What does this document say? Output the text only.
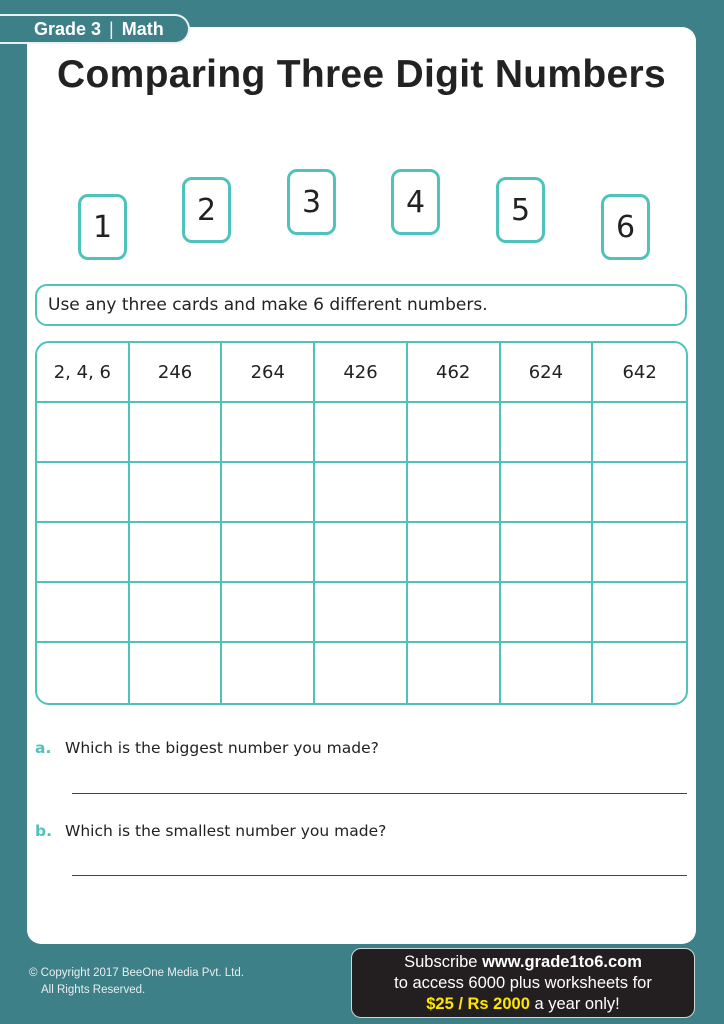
Grade 3 | Math
Comparing Three Digit Numbers
1	2	3	4	5	6
Use any three cards and make 6 different numbers.
2, 4, 6	246	264	426	462	624	642
a. Which is the biggest number you made?
b. Which is the smallest number you made?
© Copyright 2017 BeeOne Media Pvt. Ltd.
All Rights Reserved.
Subscribe www.grade1to6.com
to access 6000 plus worksheets for
$25 / Rs 2000 a year only!
